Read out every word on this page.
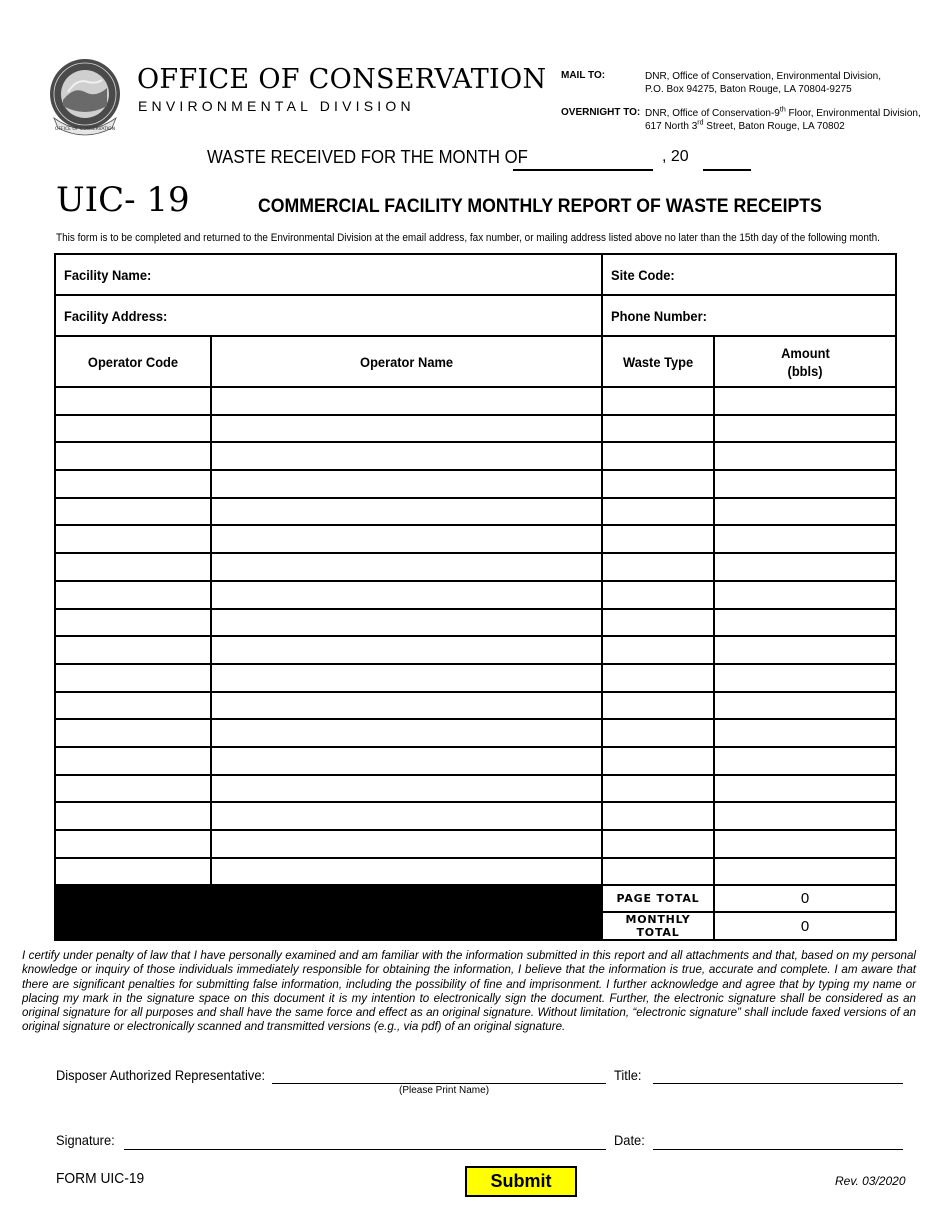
OFFICE OF CONSERVATION
OFFICE OF CONSERVATION
ENVIRONMENTAL DIVISION
MAIL TO:	DNR, Office of Conservation, Environmental Division,
P.O. Box 94275, Baton Rouge, LA 70804-9275
OVERNIGHT TO: DNR, Office of Conservation-9th Floor, Environmental Division,
617 North 3rd Street, Baton Rouge, LA 70802
WASTE RECEIVED FOR THE MONTH OF	, 20
UIC- 19	COMMERCIAL FACILITY MONTHLY REPORT OF WASTE RECEIPTS
This form is to be completed and returned to the Environmental Division at the email address, fax number, or mailing address listed above no later than the 15th day of the following month.
Facility Name:		Site Code:	
Facility Address:		Phone Number:	
Operator Code	Operator Name	Waste Type	Amount
(bbls)

		PAGE TOTAL	0
		MONTHLY TOTAL	0
I certify under penalty of law that I have personally examined and am familiar with the information submitted in this report and all attachments and that, based on my personal knowledge or inquiry of those individuals immediately responsible for obtaining the information, I believe that the information is true, accurate and complete. I am aware that there are significant penalties for submitting false information, including the possibility of fine and imprisonment. I further acknowledge and agree that by typing my name or placing my mark in the signature space on this document it is my intention to electronically sign the document. Further, the electronic signature shall be considered as an original signature for all purposes and shall have the same force and effect as an original signature. Without limitation, “electronic signature” shall include faxed versions of an original signature or electronically scanned and transmitted versions (e.g., via pdf) of an original signature.
Disposer Authorized Representative:
(Please Print Name)
Title:
Signature:	Date:
FORM UIC-19	Submit	Rev. 03/2020
